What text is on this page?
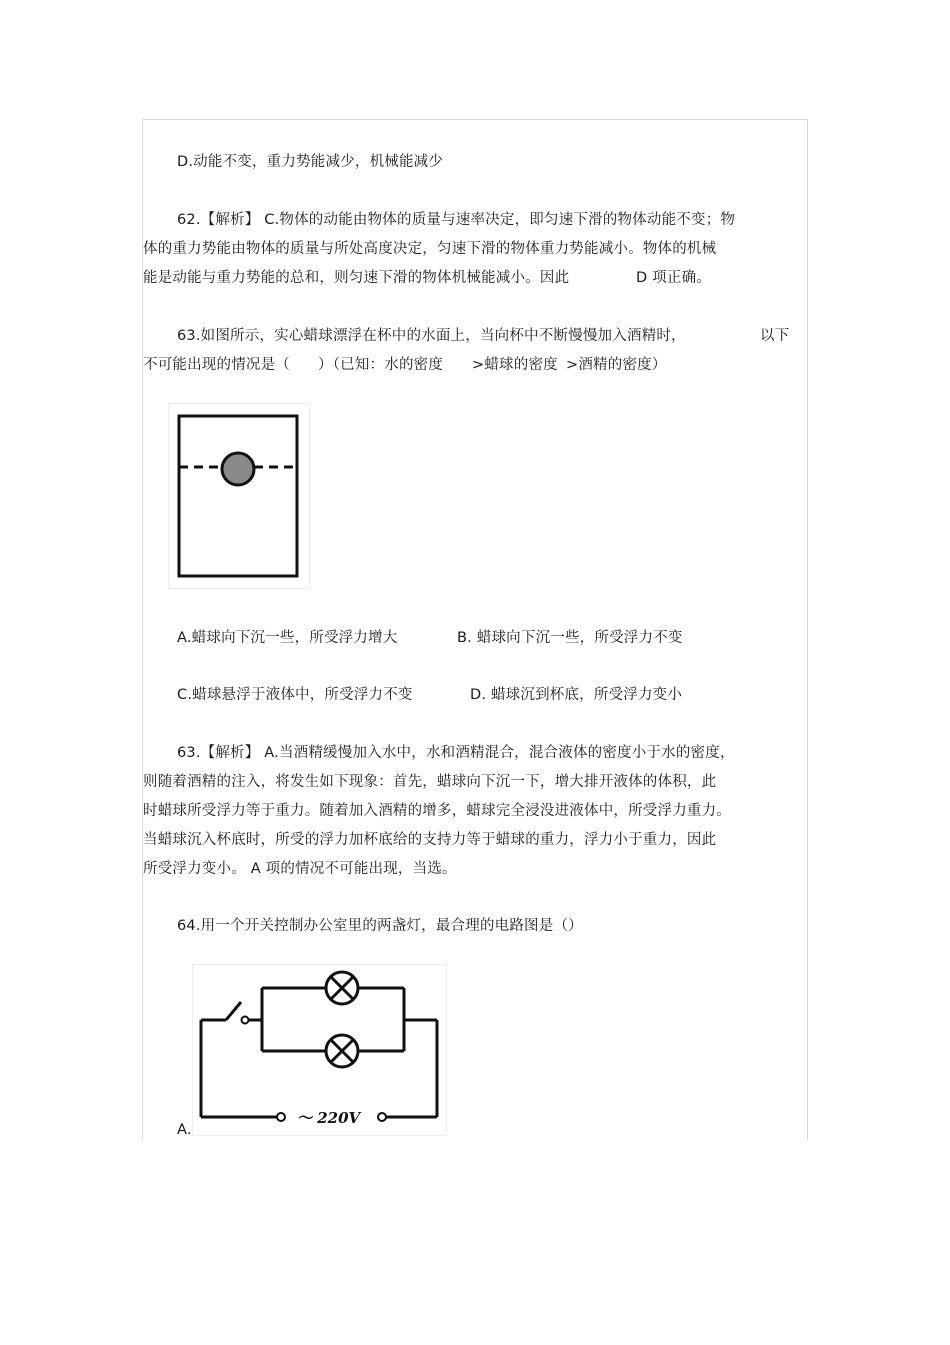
D.动能不变，重力势能减少，机械能减少
62.【解析】 C.物体的动能由物体的质量与速率决定，即匀速下滑的物体动能不变；物
体的重力势能由物体的质量与所处高度决定，匀速下滑的物体重力势能减小。物体的机械
能是动能与重力势能的总和，则匀速下滑的物体机械能减小。因此	D 项正确。
63.如图所示，实心蜡球漂浮在杯中的水面上，当向杯中不断慢慢加入酒精时，	以下
不可能出现的情况是（ ）（已知：水的密度 >蜡球的密度 >酒精的密度）
A.蜡球向下沉一些，所受浮力增大	B. 蜡球向下沉一些，所受浮力不变
C.蜡球悬浮于液体中，所受浮力不变	D. 蜡球沉到杯底，所受浮力变小
63.【解析】 A.当酒精缓慢加入水中，水和酒精混合，混合液体的密度小于水的密度，
则随着酒精的注入，将发生如下现象：首先，蜡球向下沉一下，增大排开液体的体积，此
时蜡球所受浮力等于重力。随着加入酒精的增多，蜡球完全浸没进液体中，所受浮力重力。
当蜡球沉入杯底时，所受的浮力加杯底给的支持力等于蜡球的重力，浮力小于重力，因此
所受浮力变小。 A 项的情况不可能出现，当选。
64.用一个开关控制办公室里的两盏灯，最合理的电路图是（）
A.
～ 220V
